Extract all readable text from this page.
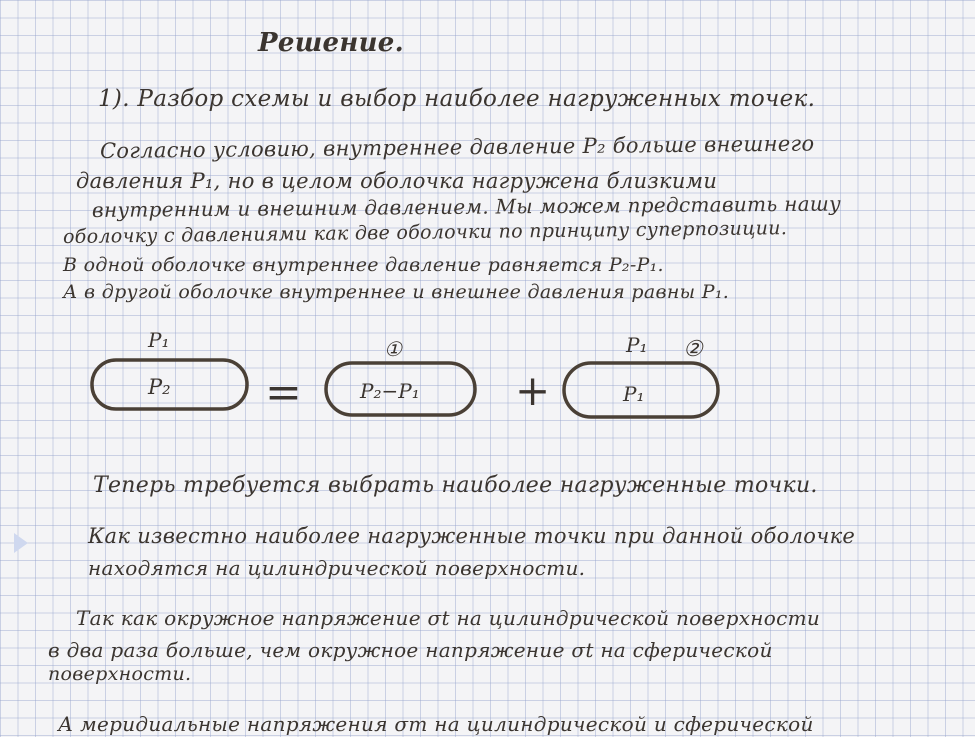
Решение.

1). Разбор схемы и выбор наиболее нагруженных точек.

Согласно условию, внутреннее давление P₂ больше внешнего

давления P₁, но в целом оболочка нагружена близкими

внутренним и внешним давлением. Мы можем представить нашу

оболочку с давлениями как две оболочки по принципу суперпозиции.

В одной оболочке внутреннее давление равняется P₂-P₁.

А в другой оболочке внутреннее и внешнее давления равны P₁.

P₁
P₂ =
①
P₂−P₁ +
P₁ ②
P₁

Теперь требуется выбрать наиболее нагруженные точки.

Как известно наиболее нагруженные точки при данной оболочке

находятся на цилиндрической поверхности.

Так как окружное напряжение σt на цилиндрической поверхности

в два раза больше, чем окружное напряжение σt на сферической

поверхности.

А меридиальные напряжения σm на цилиндрической и сферической
